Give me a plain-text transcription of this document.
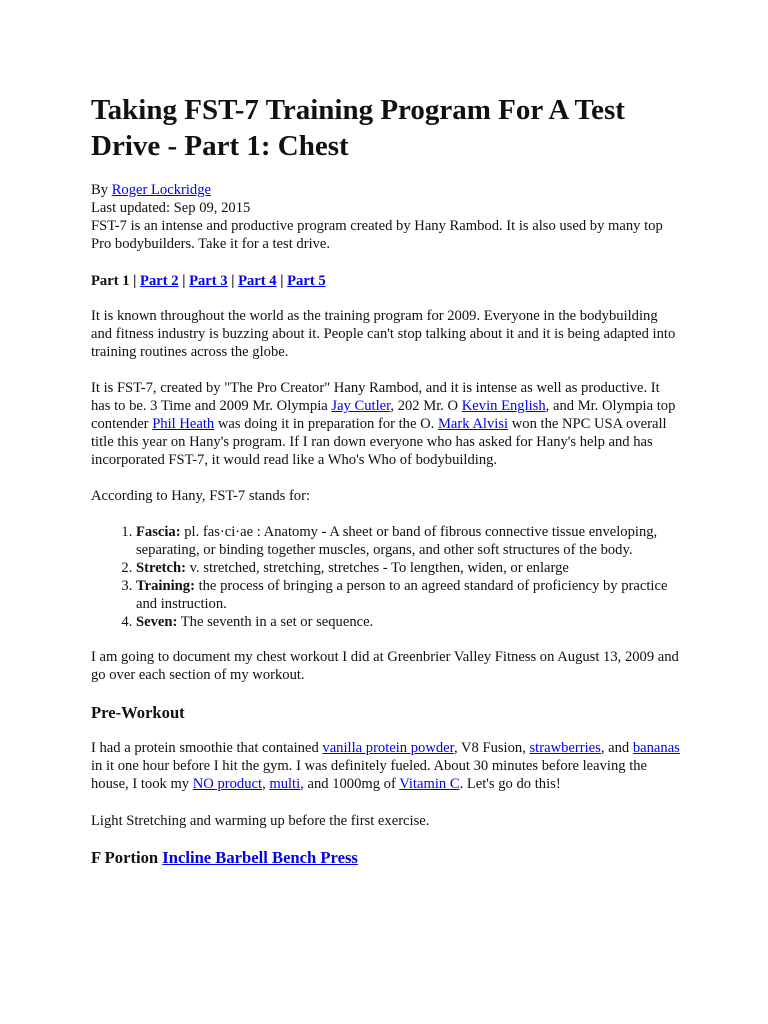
Taking FST-7 Training Program For A Test Drive - Part 1: Chest
By Roger Lockridge
Last updated: Sep 09, 2015
FST-7 is an intense and productive program created by Hany Rambod. It is also used by many top Pro bodybuilders. Take it for a test drive.
Part 1 | Part 2 | Part 3 | Part 4 | Part 5

It is known throughout the world as the training program for 2009. Everyone in the bodybuilding and fitness industry is buzzing about it. People can't stop talking about it and it is being adapted into training routines across the globe.

It is FST-7, created by "The Pro Creator" Hany Rambod, and it is intense as well as productive. It has to be. 3 Time and 2009 Mr. Olympia Jay Cutler, 202 Mr. O Kevin English, and Mr. Olympia top contender Phil Heath was doing it in preparation for the O. Mark Alvisi won the NPC USA overall title this year on Hany's program. If I ran down everyone who has asked for Hany's help and has incorporated FST-7, it would read like a Who's Who of bodybuilding.

According to Hany, FST-7 stands for:

1. Fascia: pl. fas·ci·ae : Anatomy - A sheet or band of fibrous connective tissue enveloping, separating, or binding together muscles, organs, and other soft structures of the body.
2. Stretch: v. stretched, stretching, stretches - To lengthen, widen, or enlarge
3. Training: the process of bringing a person to an agreed standard of proficiency by practice and instruction.
4. Seven: The seventh in a set or sequence.

I am going to document my chest workout I did at Greenbrier Valley Fitness on August 13, 2009 and go over each section of my workout.

Pre-Workout

I had a protein smoothie that contained vanilla protein powder, V8 Fusion, strawberries, and bananas in it one hour before I hit the gym. I was definitely fueled. About 30 minutes before leaving the house, I took my NO product, multi, and 1000mg of Vitamin C. Let's go do this!

Light Stretching and warming up before the first exercise.

F Portion Incline Barbell Bench Press
